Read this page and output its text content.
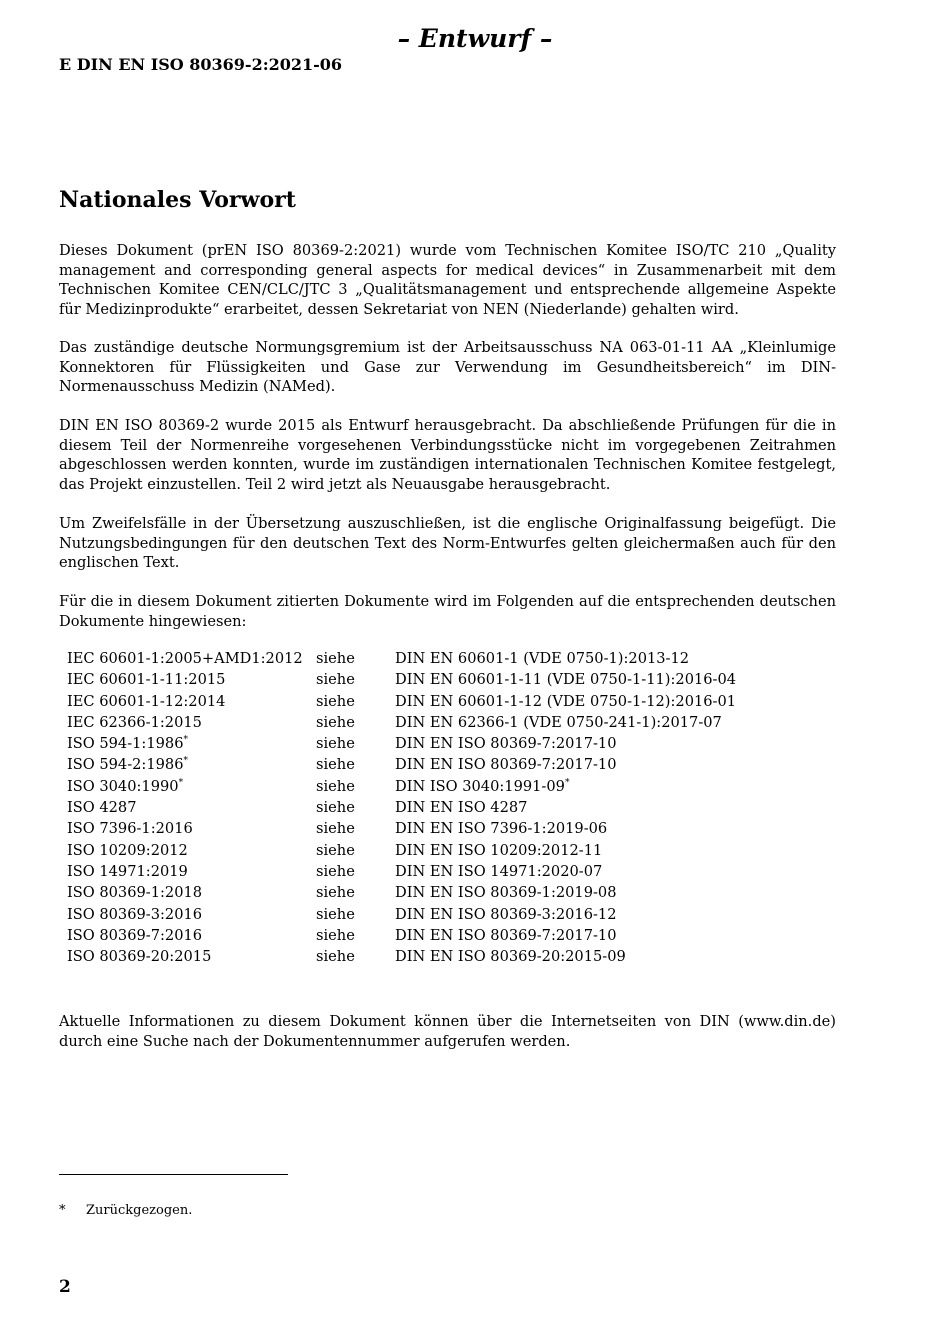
– Entwurf –
E DIN EN ISO 80369-2:2021-06
Nationales Vorwort

Dieses Dokument (prEN ISO 80369-2:2021) wurde vom Technischen Komitee ISO/TC 210 „Quality management and corresponding general aspects for medical devices“ in Zusammenarbeit mit dem Technischen Komitee CEN/CLC/JTC 3 „Qualitätsmanagement und entsprechende allgemeine Aspekte für Medizinprodukte“ erarbeitet, dessen Sekretariat von NEN (Niederlande) gehalten wird.

Das zuständige deutsche Normungsgremium ist der Arbeitsausschuss NA 063-01-11 AA „Kleinlumige Konnektoren für Flüssigkeiten und Gase zur Verwendung im Gesundheitsbereich“ im DIN-Normenausschuss Medizin (NAMed).

DIN EN ISO 80369-2 wurde 2015 als Entwurf herausgebracht. Da abschließende Prüfungen für die in diesem Teil der Normenreihe vorgesehenen Verbindungsstücke nicht im vorgegebenen Zeitrahmen abgeschlossen werden konnten, wurde im zuständigen internationalen Technischen Komitee festgelegt, das Projekt einzustellen. Teil 2 wird jetzt als Neuausgabe herausgebracht.

Um Zweifelsfälle in der Übersetzung auszuschließen, ist die englische Originalfassung beigefügt. Die Nutzungsbedingungen für den deutschen Text des Norm-Entwurfes gelten gleichermaßen auch für den englischen Text.

Für die in diesem Dokument zitierten Dokumente wird im Folgenden auf die entsprechenden deutschen Dokumente hingewiesen:

IEC 60601-1:2005+AMD1:2012	siehe	DIN EN 60601-1 (VDE 0750-1):2013-12
IEC 60601-1-11:2015	siehe	DIN EN 60601-1-11 (VDE 0750-1-11):2016-04
IEC 60601-1-12:2014	siehe	DIN EN 60601-1-12 (VDE 0750-1-12):2016-01
IEC 62366-1:2015	siehe	DIN EN 62366-1 (VDE 0750-241-1):2017-07
ISO 594-1:1986*	siehe	DIN EN ISO 80369-7:2017-10
ISO 594-2:1986*	siehe	DIN EN ISO 80369-7:2017-10
ISO 3040:1990*	siehe	DIN ISO 3040:1991-09*
ISO 4287	siehe	DIN EN ISO 4287
ISO 7396-1:2016	siehe	DIN EN ISO 7396-1:2019-06
ISO 10209:2012	siehe	DIN EN ISO 10209:2012-11
ISO 14971:2019	siehe	DIN EN ISO 14971:2020-07
ISO 80369-1:2018	siehe	DIN EN ISO 80369-1:2019-08
ISO 80369-3:2016	siehe	DIN EN ISO 80369-3:2016-12
ISO 80369-7:2016	siehe	DIN EN ISO 80369-7:2017-10
ISO 80369-20:2015	siehe	DIN EN ISO 80369-20:2015-09

Aktuelle Informationen zu diesem Dokument können über die Internetseiten von DIN (www.din.de) durch eine Suche nach der Dokumentennummer aufgerufen werden.

* Zurückgezogen.
2
